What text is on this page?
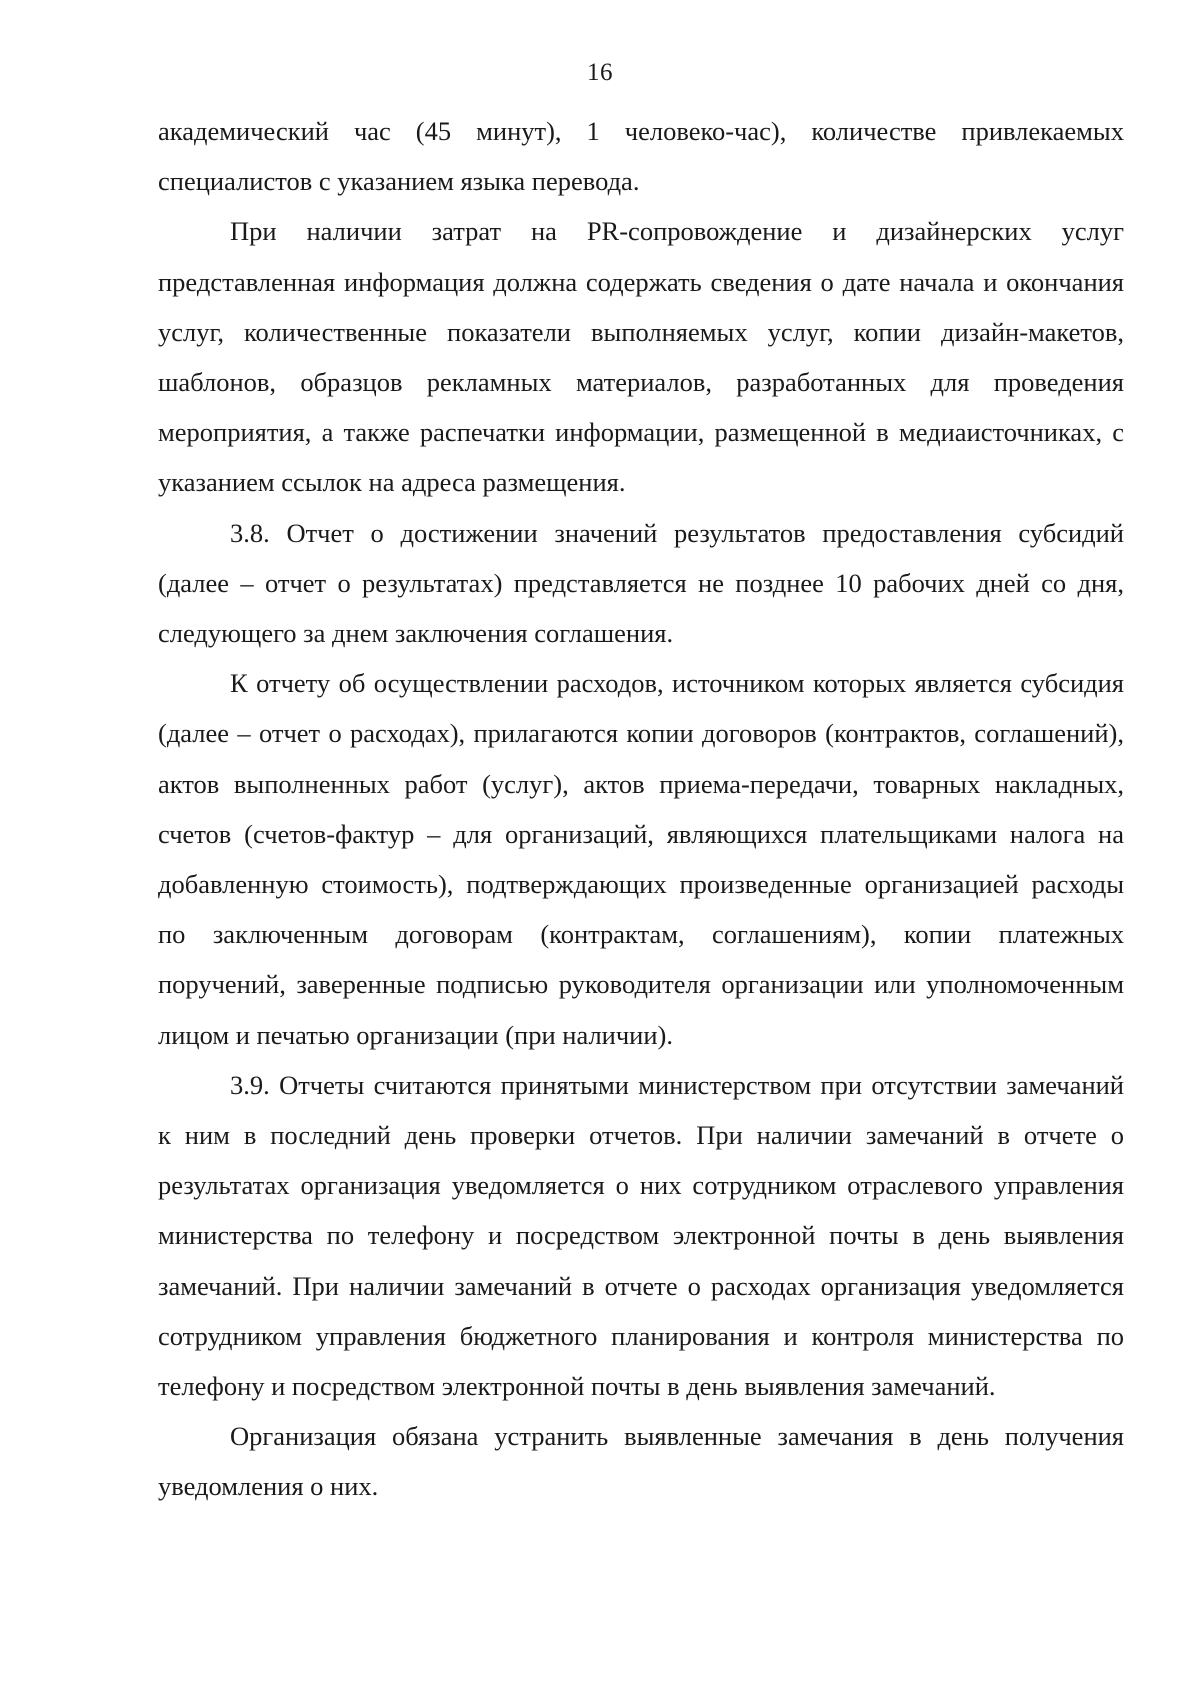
16

академический час (45 минут), 1 человеко-час), количестве привлекаемых специалистов с указанием языка перевода.

При наличии затрат на PR-сопровождение и дизайнерских услуг представленная информация должна содержать сведения о дате начала и окончания услуг, количественные показатели выполняемых услуг, копии дизайн-макетов, шаблонов, образцов рекламных материалов, разработанных для проведения мероприятия, а также распечатки информации, размещенной в медиаисточниках, с указанием ссылок на адреса размещения.

3.8. Отчет о достижении значений результатов предоставления субсидий (далее – отчет о результатах) представляется не позднее 10 рабочих дней со дня, следующего за днем заключения соглашения.

К отчету об осуществлении расходов, источником которых является субсидия (далее – отчет о расходах), прилагаются копии договоров (контрактов, соглашений), актов выполненных работ (услуг), актов приема-передачи, товарных накладных, счетов (счетов-фактур – для организаций, являющихся плательщиками налога на добавленную стоимость), подтверждающих произведенные организацией расходы по заключенным договорам (контрактам, соглашениям), копии платежных поручений, заверенные подписью руководителя организации или уполномоченным лицом и печатью организации (при наличии).

3.9. Отчеты считаются принятыми министерством при отсутствии замечаний к ним в последний день проверки отчетов. При наличии замечаний в отчете о результатах организация уведомляется о них сотрудником отраслевого управления министерства по телефону и посредством электронной почты в день выявления замечаний. При наличии замечаний в отчете о расходах организация уведомляется сотрудником управления бюджетного планирования и контроля министерства по телефону и посредством электронной почты в день выявления замечаний.

Организация обязана устранить выявленные замечания в день получения уведомления о них.
